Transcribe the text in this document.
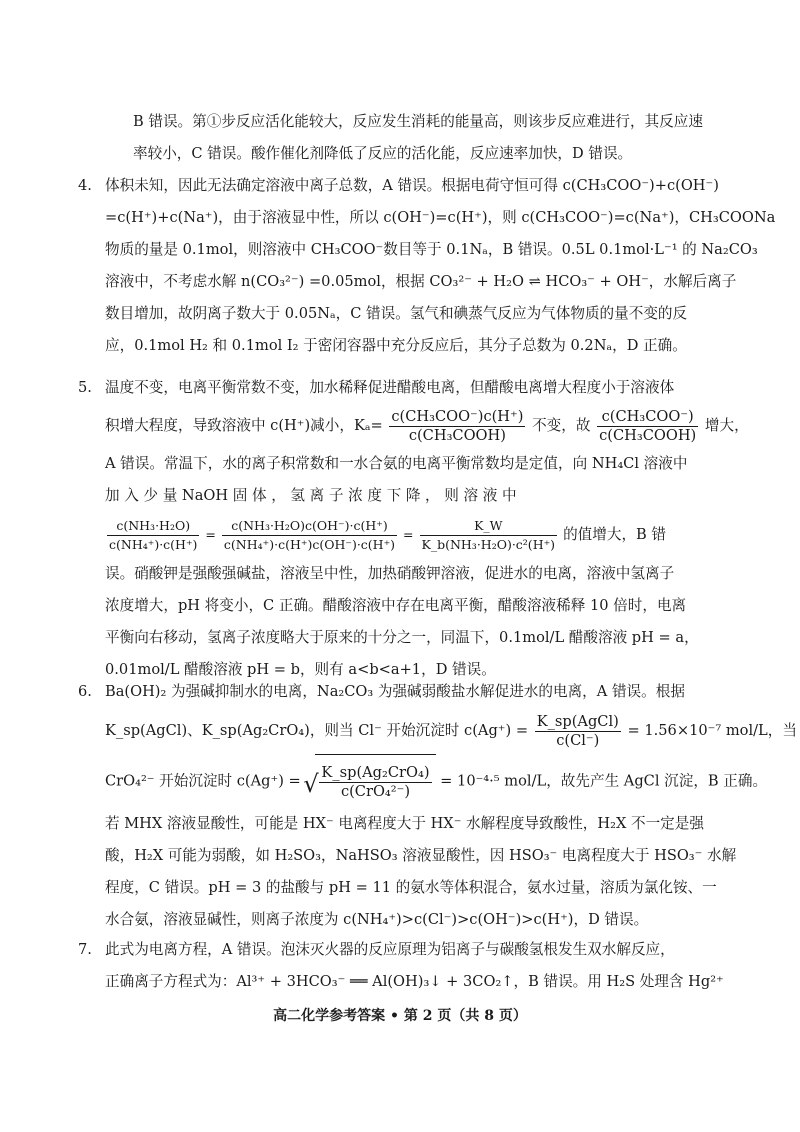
B 错误。第①步反应活化能较大，反应发生消耗的能量高，则该步反应难进行，其反应速
率较小，C 错误。酸作催化剂降低了反应的活化能，反应速率加快，D 错误。
4. 体积未知，因此无法确定溶液中离子总数，A 错误。根据电荷守恒可得 c(CH₃COO⁻)+c(OH⁻)
=c(H⁺)+c(Na⁺)，由于溶液显中性，所以 c(OH⁻)=c(H⁺)，则 c(CH₃COO⁻)=c(Na⁺)，CH₃COONa
物质的量是 0.1mol，则溶液中 CH₃COO⁻数目等于 0.1Nₐ，B 错误。0.5L 0.1mol·L⁻¹ 的 Na₂CO₃
溶液中，不考虑水解 n(CO₃²⁻) =0.05mol，根据 CO₃²⁻ + H₂O ⇌ HCO₃⁻ + OH⁻，水解后离子
数目增加，故阴离子数大于 0.05Nₐ，C 错误。氢气和碘蒸气反应为气体物质的量不变的反
应，0.1mol H₂ 和 0.1mol I₂ 于密闭容器中充分反应后，其分子总数为 0.2Nₐ，D 正确。
5. 温度不变，电离平衡常数不变，加水稀释促进醋酸电离，但醋酸电离增大程度小于溶液体
积增大程度，导致溶液中 c(H⁺)减小，$K_a= \frac{\text{c(CH₃COO⁻)c(H⁺)}}{\text{c(CH₃COOH)}}$ 不变，故 $\frac{\text{c(CH₃COO⁻)}}{\text{c(CH₃COOH)}}$ 增大，
A 错误。常温下，水的离子积常数和一水合氨的电离平衡常数均是定值，向 NH₄Cl 溶液中
加 入 少 量 NaOH 固 体 ， 氢 离 子 浓 度 下 降 ， 则 溶 液 中
$\frac{\text{c(NH₃·H₂O)}}{\text{c(NH₄⁺)·c(H⁺)}} = \frac{\text{c(NH₃·H₂O)c(OH⁻)·c(H⁺)}}{\text{c(NH₄⁺)·c(H⁺)c(OH⁻)·c(H⁺)}} = \frac{K\_W}{\text{K\_b(NH₃·H₂O)·c²(H⁺)}}$ 的值增大，B 错
误。硝酸钾是强酸强碱盐，溶液呈中性，加热硝酸钾溶液，促进水的电离，溶液中氢离子
浓度增大，pH 将变小，C 正确。醋酸溶液中存在电离平衡，醋酸溶液稀释 10 倍时，电离
平衡向右移动，氢离子浓度略大于原来的十分之一，同温下，0.1mol/L 醋酸溶液 pH = a，
0.01mol/L 醋酸溶液 pH = b，则有 a<b<a+1，D 错误。
6. Ba(OH)₂ 为强碱抑制水的电离，Na₂CO₃ 为强碱弱酸盐水解促进水的电离，A 错误。根据
K_sp(AgCl)、K_sp(Ag₂CrO₄)，则当 Cl⁻ 开始沉淀时 $c(Ag^+) = \frac{\text{K\_sp(AgCl)}}{c(Cl^-)} = 1.56\times 10^{-7}$ mol/L，当
CrO₄²⁻ 开始沉淀时 c(Ag⁺) =
√ $\frac{\text{K\_sp(Ag₂CrO₄)}}{\text{c(CrO₄²⁻)}} = 10^{-4}\cdot^5$ mol/L，故先产生 AgCl 沉淀，B 正确。
若 MHX 溶液显酸性，可能是 HX⁻ 电离程度大于 HX⁻ 水解程度导致酸性，H₂X 不一定是强
酸，H₂X 可能为弱酸，如 H₂SO₃，NaHSO₃ 溶液显酸性，因 HSO₃⁻ 电离程度大于 HSO₃⁻ 水解
程度，C 错误。pH = 3 的盐酸与 pH = 11 的氨水等体积混合，氨水过量，溶质为氯化铵、一
水合氨，溶液显碱性，则离子浓度为 c(NH₄⁺)>c(Cl⁻)>c(OH⁻)>c(H⁺)，D 错误。
7. 此式为电离方程，A 错误。泡沫灭火器的反应原理为铝离子与碳酸氢根发生双水解反应，
正确离子方程式为：Al³⁺ + 3HCO₃⁻ ══ Al(OH)₃↓ + 3CO₂↑，B 错误。用 H₂S 处理含 Hg²⁺
高二化学参考答案 • 第 2 页（共 8 页）
